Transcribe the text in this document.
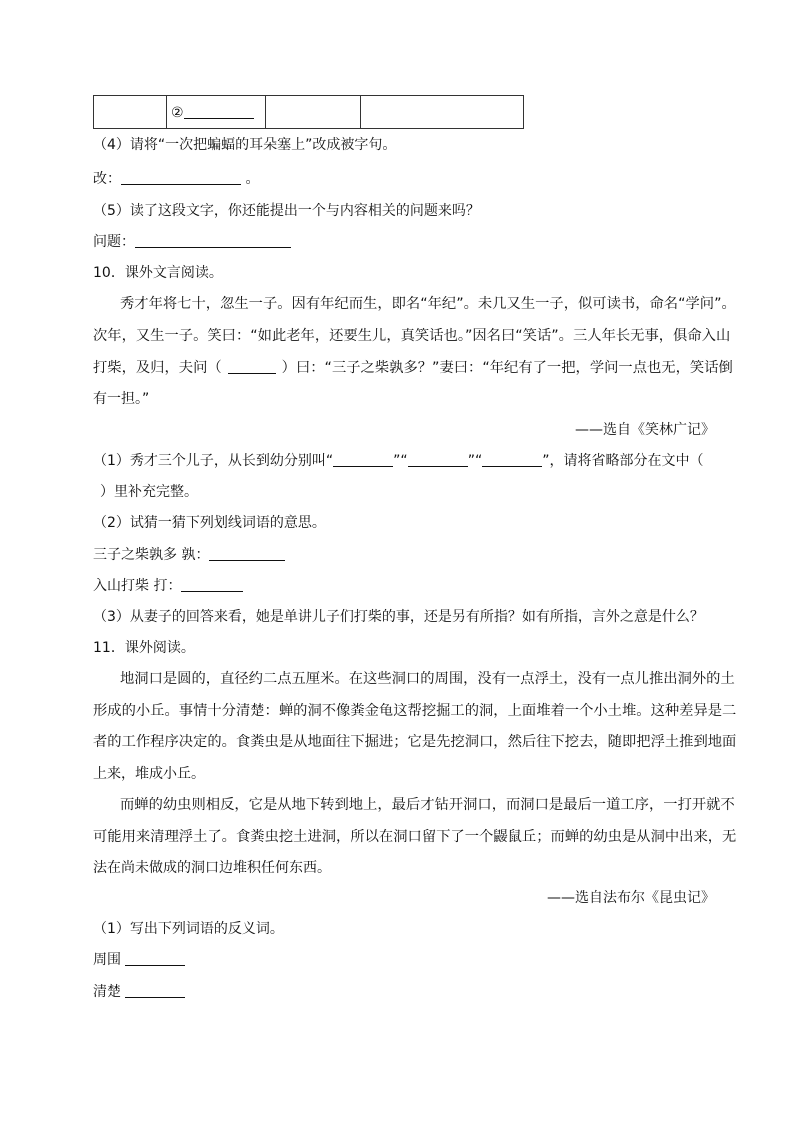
	②		
（4）请将“一次把蝙蝠的耳朵塞上”改成被字句。
改：	。
（5）读了这段文字，你还能提出一个与内容相关的问题来吗？
问题：
10．课外文言阅读。
秀才年将七十，忽生一子。因有年纪而生，即名“年纪”。未几又生一子，似可读书，命名“学问”。
次年，又生一子。笑曰：“如此老年，还要生儿，真笑话也。”因名曰“笑话”。三人年长无事，俱命入山
打柴，及归，夫问（	）曰：“三子之柴孰多？”妻曰：“年纪有了一把，学问一点也无，笑话倒
有一担。”
——选自《笑林广记》
（1）秀才三个儿子，从长到幼分别叫“	”“	”“	”，请将省略部分在文中（
）里补充完整。
（2）试猜一猜下列划线词语的意思。
三子之柴孰多 孰：
入山打柴 打：
（3）从妻子的回答来看，她是单讲儿子们打柴的事，还是另有所指？如有所指，言外之意是什么？
11．课外阅读。
地洞口是圆的，直径约二点五厘米。在这些洞口的周围，没有一点浮土，没有一点儿推出洞外的土
形成的小丘。事情十分清楚：蝉的洞不像粪金龟这帮挖掘工的洞，上面堆着一个小土堆。这种差异是二
者的工作程序决定的。食粪虫是从地面往下掘进；它是先挖洞口，然后往下挖去，随即把浮土推到地面
上来，堆成小丘。
而蝉的幼虫则相反，它是从地下转到地上，最后才钻开洞口，而洞口是最后一道工序，一打开就不
可能用来清理浮土了。食粪虫挖土进洞，所以在洞口留下了一个鼹鼠丘；而蝉的幼虫是从洞中出来，无
法在尚未做成的洞口边堆积任何东西。
——选自法布尔《昆虫记》
（1）写出下列词语的反义词。
周围
清楚
